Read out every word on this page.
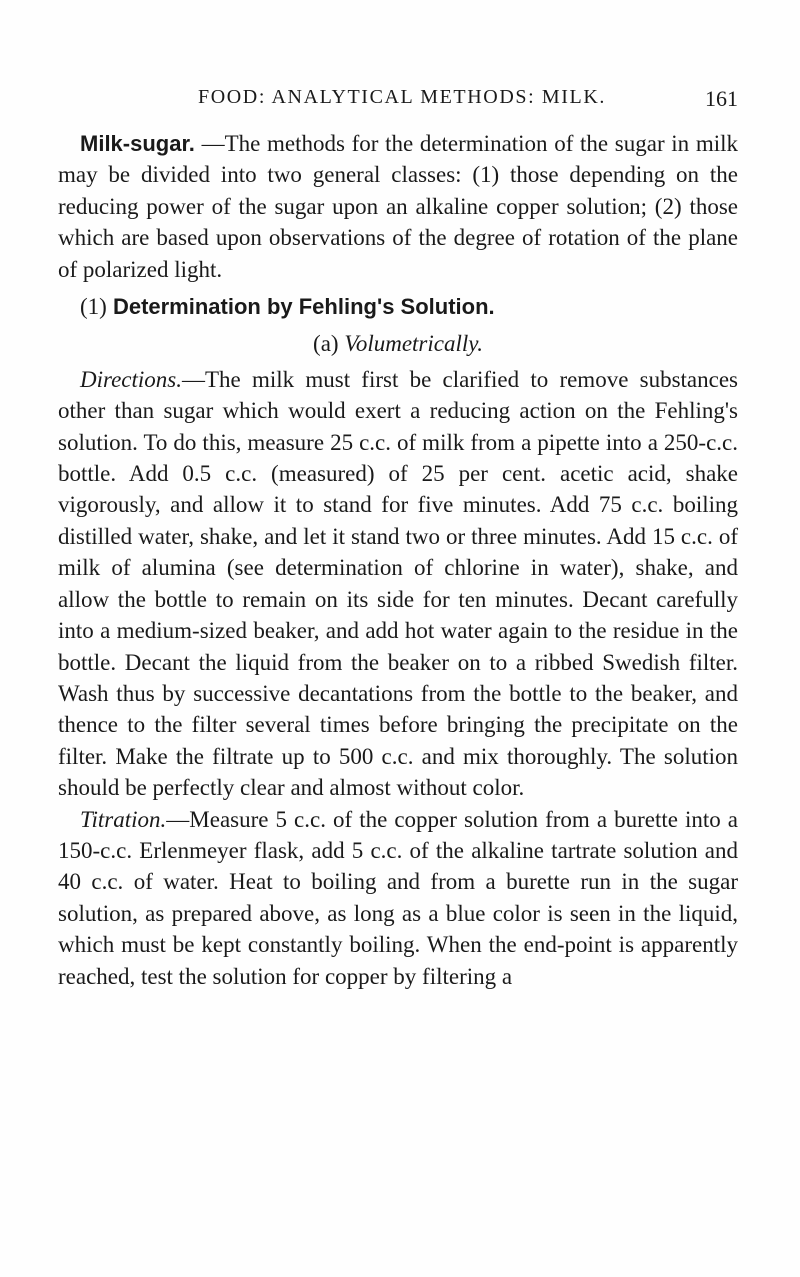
FOOD: ANALYTICAL METHODS: MILK.	161

Milk-sugar. —The methods for the determination of the sugar in milk may be divided into two general classes: (1) those depending on the reducing power of the sugar upon an alkaline copper solution; (2) those which are based upon observations of the degree of rotation of the plane of polarized light.

(1) Determination by Fehling's Solution.

(a) Volumetrically.

Directions.—The milk must first be clarified to remove substances other than sugar which would exert a reducing action on the Fehling's solution. To do this, measure 25 c.c. of milk from a pipette into a 250-c.c. bottle. Add 0.5 c.c. (measured) of 25 per cent. acetic acid, shake vigorously, and allow it to stand for five minutes. Add 75 c.c. boiling distilled water, shake, and let it stand two or three minutes. Add 15 c.c. of milk of alumina (see determination of chlorine in water), shake, and allow the bottle to remain on its side for ten minutes. Decant carefully into a medium-sized beaker, and add hot water again to the residue in the bottle. Decant the liquid from the beaker on to a ribbed Swedish filter. Wash thus by successive decantations from the bottle to the beaker, and thence to the filter several times before bringing the precipitate on the filter. Make the filtrate up to 500 c.c. and mix thoroughly. The solution should be perfectly clear and almost without color.

Titration.—Measure 5 c.c. of the copper solution from a burette into a 150-c.c. Erlenmeyer flask, add 5 c.c. of the alkaline tartrate solution and 40 c.c. of water. Heat to boiling and from a burette run in the sugar solution, as prepared above, as long as a blue color is seen in the liquid, which must be kept constantly boiling. When the end-point is apparently reached, test the solution for copper by filtering a
